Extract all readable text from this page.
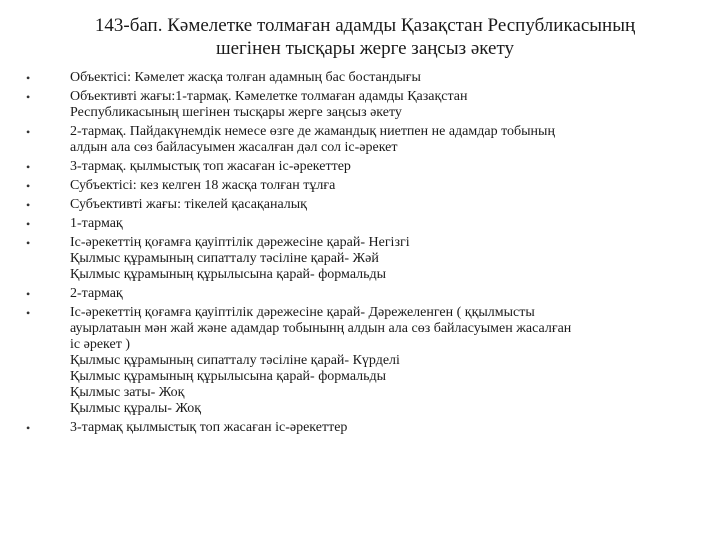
143-бап. Кәмелетке толмаған адамды Қазақстан Республикасының
шегінен тысқары жерге заңсыз әкету
•	Объектісі: Кәмелет жасқа толған адамның бас бостандығы
•	Объективті жағы:1-тармақ. Кәмелетке толмаған адамды Қазақстан
Республикасының шегінен тысқары жерге заңсыз әкету
•	2-тармақ. Пайдакүнемдік немесе өзге де жамандық ниетпен не адамдар тобының
алдын ала сөз байласуымен жасалған дәл сол іс-әрекет
•	3-тармақ. қылмыстық топ жасаған іс-әрекеттер
•	Субъектісі: кез келген 18 жасқа толған тұлға
•	Субъективті жағы: тікелей қасақаналық
•	1-тармақ
•	Іс-әрекеттің қоғамға қауіптілік дәрежесіне қарай- Негізгі
Қылмыс құрамының сипатталу тәсіліне қарай- Жәй
Қылмыс құрамының құрылысына қарай- формальды
•	2-тармақ
•	Іс-әрекеттің қоғамға қауіптілік дәрежесіне қарай- Дәрежеленген ( ққылмысты
ауырлатаын мән жай және адамдар тобынынң алдын ала сөз байласуымен жасалған
іс әрекет )
Қылмыс құрамының сипатталу тәсіліне қарай- Күрделі
Қылмыс құрамының құрылысына қарай- формальды
Қылмыс заты- Жоқ
Қылмыс құралы- Жоқ
•	3-тармақ қылмыстық топ жасаған іс-әрекеттер
